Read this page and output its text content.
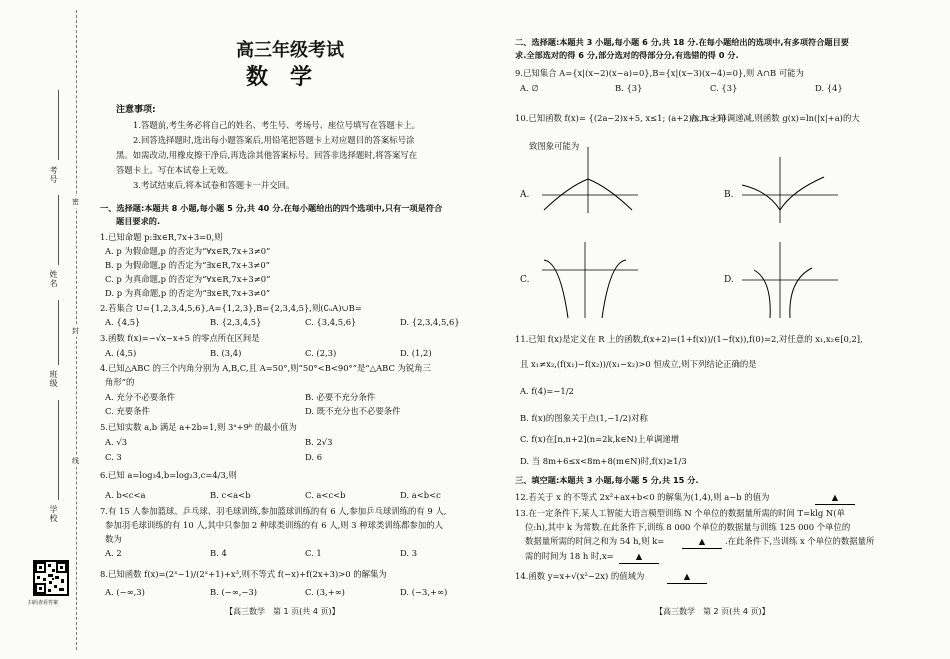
考号
姓名
班级
学校
密
封
线
扫码查看答案
高三年级考试
数学
注意事项:
1.答题前,考生务必将自己的姓名、考生号、考场号、座位号填写在答题卡上。
2.回答选择题时,选出每小题答案后,用铅笔把答题卡上对应题目的答案标号涂
黑。如需改动,用橡皮擦干净后,再选涂其他答案标号。回答非选择题时,将答案写在
答题卡上。写在本试卷上无效。
3.考试结束后,将本试卷和答题卡一并交回。
一、选择题:本题共 8 小题,每小题 5 分,共 40 分.在每小题给出的四个选项中,只有一项是符合
题目要求的.
1.已知命题 p:∃x∈R,7x+3=0,则
A. p 为假命题,p 的否定为“∀x∈R,7x+3≠0”
B. p 为假命题,p 的否定为“∃x∈R,7x+3≠0”
C. p 为真命题,p 的否定为“∀x∈R,7x+3≠0”
D. p 为真命题,p 的否定为“∃x∈R,7x+3≠0”
2.若集合 U={1,2,3,4,5,6},A={1,2,3},B={2,3,4,5},则(∁ᵤA)∪B=
A. {4,5}	B. {2,3,4,5}	C. {3,4,5,6}	D. {2,3,4,5,6}
3.函数 f(x)=−√x−x+5 的零点所在区间是
A. (4,5)	B. (3,4)	C. (2,3)	D. (1,2)
4.已知△ABC 的三个内角分别为 A,B,C,且 A=50°,则“50°<B<90°”是“△ABC 为锐角三
角形”的
A. 充分不必要条件	B. 必要不充分条件
C. 充要条件	D. 既不充分也不必要条件
5.已知实数 a,b 满足 a+2b=1,则 3ᵃ+9ᵇ 的最小值为
A. √3	B. 2√3
C. 3	D. 6
6.已知 a=log₃4,b=log₂3,c=4/3,则
A. b<c<a	B. c<a<b	C. a<c<b	D. a<b<c
7.有 15 人参加篮球、乒乓球、羽毛球训练,参加篮球训练的有 6 人,参加乒乓球训练的有 9 人,
参加羽毛球训练的有 10 人,其中只参加 2 种球类训练的有 6 人,则 3 种球类训练都参加的人
数为
A. 2	B. 4	C. 1	D. 3
8.已知函数 f(x)=(2ˣ−1)/(2ˣ+1)+x³,则不等式 f(−x)+f(2x+3)>0 的解集为
A. (−∞,3)	B. (−∞,−3)	C. (3,+∞)	D. (−3,+∞)
【高三数学　第 1 页(共 4 页)】
二、选择题:本题共 3 小题,每小题 6 分,共 18 分.在每小题给出的选项中,有多项符合题目要
求.全部选对的得 6 分,部分选对的得部分分,有选错的得 0 分.
9.已知集合 A={x|(x−2)(x−a)=0},B={x|(x−3)(x−4)=0},则 A∩B 可能为
A. ∅	B. {3}	C. {3}	D. {4}
10.已知函数 f(x)= {(2a−2)x+5, x≤1; (a+2)/x, x>1}
在 R 上单调递减,则函数 g(x)=ln(|x|+a)的大
致图象可能为
A.	B.
C.	D.
11.已知 f(x)是定义在 R 上的函数,f(x+2)=(1+f(x))/(1−f(x)),f(0)=2,对任意的 x₁,x₂∈[0,2],
且 x₁≠x₂,(f(x₁)−f(x₂))/(x₁−x₂)>0 恒成立,则下列结论正确的是
A. f(4)=−1/2
B. f(x)的图象关于点(1,−1/2)对称
C. f(x)在[n,n+2](n=2k,k∈N)上单调递增
D. 当 8m+6≤x<8m+8(m∈N)时,f(x)≥1/3
三、填空题:本题共 3 小题,每小题 5 分,共 15 分.
12.若关于 x 的不等式 2x²+ax+b<0 的解集为(1,4),则 a−b 的值为	▲
13.在一定条件下,某人工智能大语言模型训练 N 个单位的数据量所需的时间 T=klg N(单
位:h),其中 k 为常数.在此条件下,训练 8 000 个单位的数据量与训练 125 000 个单位的
数据量所需的时间之和为 54 h,则 k=	▲	.在此条件下,当训练 x 个单位的数据量所
需的时间为 18 h 时,x=	▲
14.函数 y=x+√(x²−2x) 的值域为	▲
【高三数学　第 2 页(共 4 页)】
